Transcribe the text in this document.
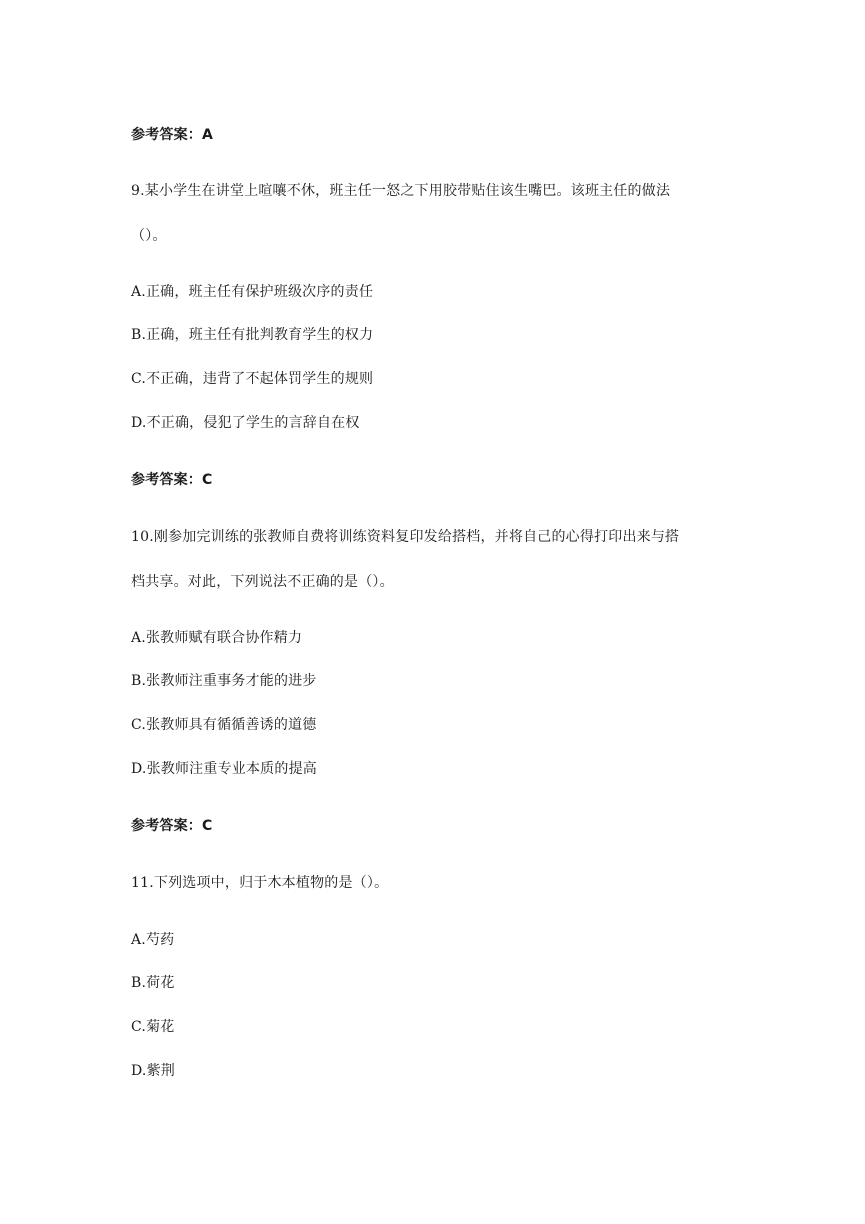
参考答案：A
9.某小学生在讲堂上喧嚷不休，班主任一怒之下用胶带贴住该生嘴巴。该班主任的做法
（）。
A.正确，班主任有保护班级次序的责任
B.正确，班主任有批判教育学生的权力
C.不正确，违背了不起体罚学生的规则
D.不正确，侵犯了学生的言辞自在权
参考答案：C
10.刚参加完训练的张教师自费将训练资料复印发给搭档，并将自己的心得打印出来与搭
档共享。对此，下列说法不正确的是（）。
A.张教师赋有联合协作精力
B.张教师注重事务才能的进步
C.张教师具有循循善诱的道德
D.张教师注重专业本质的提高
参考答案：C
11.下列选项中，归于木本植物的是（）。
A.芍药
B.荷花
C.菊花
D.紫荆
